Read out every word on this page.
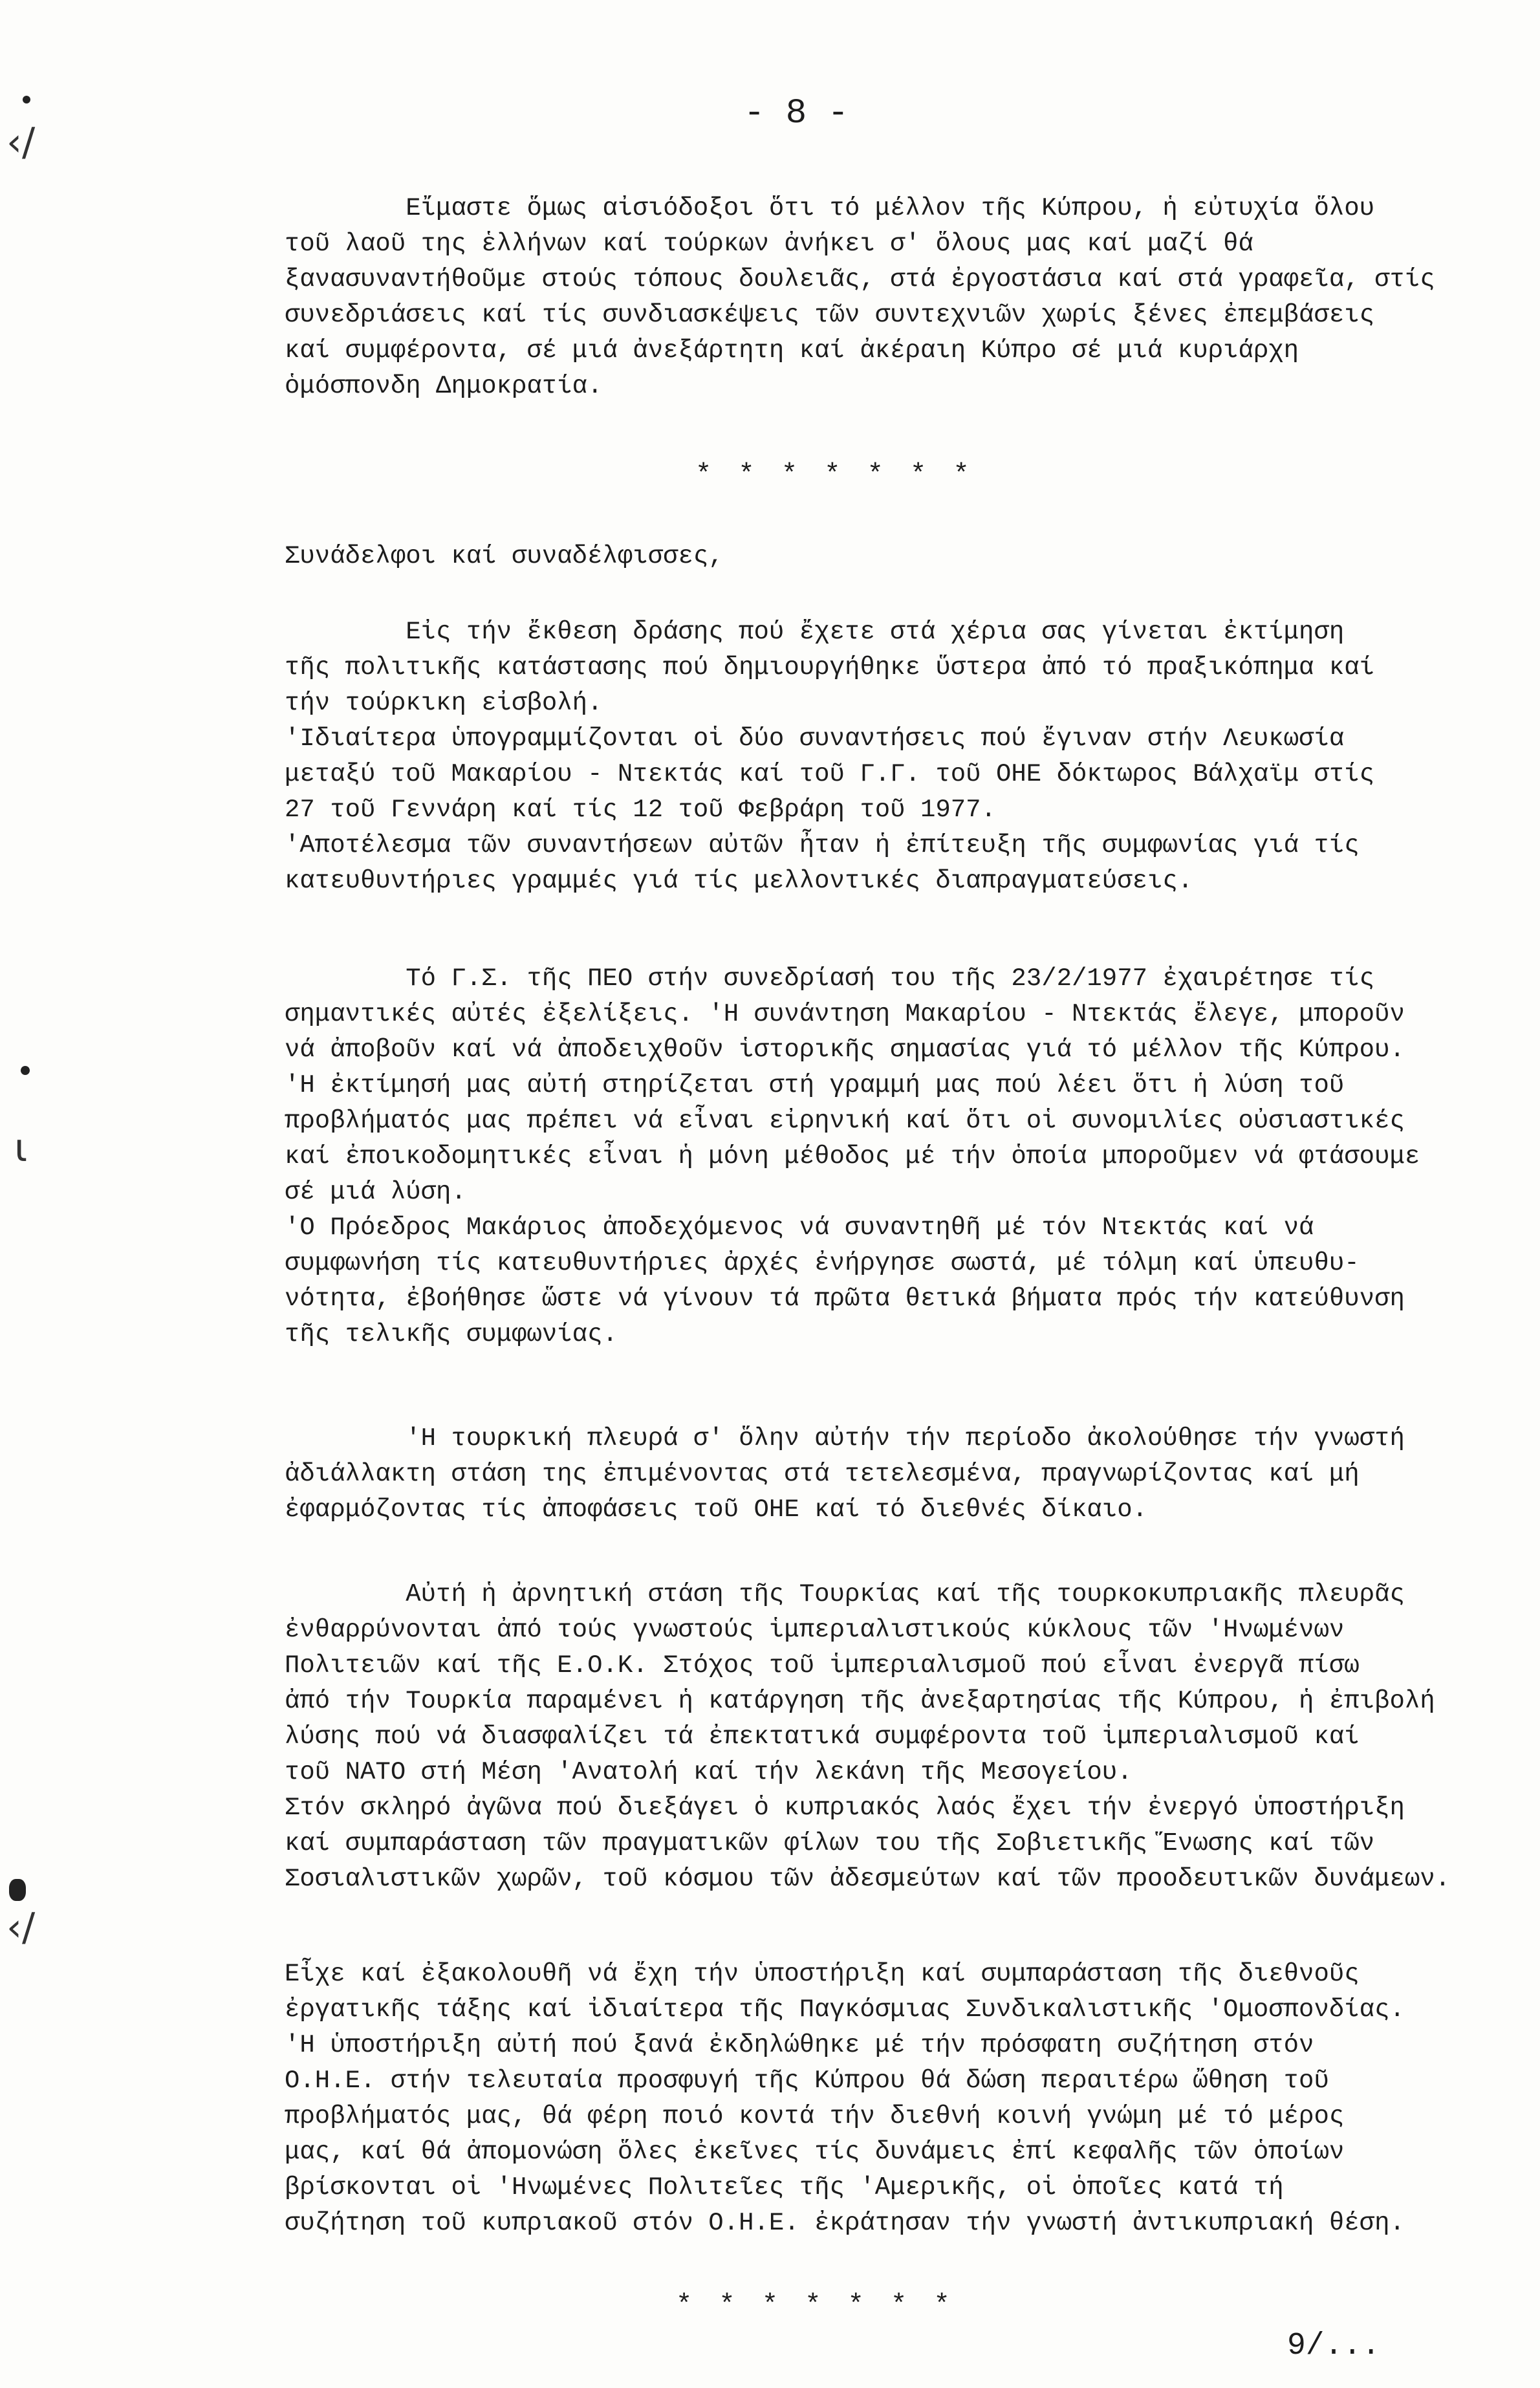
‹/
ɩ
‹/
- 8 -
Εἴμαστε ὅμως αἰσιόδοξοι ὅτι τό μέλλον τῆς Κύπρου, ἡ εὐτυχία ὅλου
τοῦ λαοῦ της ἑλλήνων καί τούρκων ἀνήκει σ' ὅλους μας καί μαζί θά
ξανασυναντήθοῦμε στούς τόπους δουλειᾶς, στά ἐργοστάσια καί στά γραφεῖα, στίς
συνεδριάσεις καί τίς συνδιασκέψεις τῶν συντεχνιῶν χωρίς ξένες ἐπεμβάσεις
καί συμφέροντα, σέ μιά ἀνεξάρτητη καί ἀκέραιη Κύπρο σέ μιά κυριάρχη
ὁμόσπονδη Δημοκρατία.
* * * * * * *
Συνάδελφοι καί συναδέλφισσες,
Εἰς τήν ἔκθεση δράσης πού ἔχετε στά χέρια σας γίνεται ἐκτίμηση
τῆς πολιτικῆς κατάστασης πού δημιουργήθηκε ὕστερα ἀπό τό πραξικόπημα καί
τήν τούρκικη εἰσβολή.
'Ιδιαίτερα ὑπογραμμίζονται οἱ δύο συναντήσεις πού ἔγιναν στήν Λευκωσία
μεταξύ τοῦ Μακαρίου - Ντεκτάς καί τοῦ Γ.Γ. τοῦ ΟΗΕ δόκτωρος Βάλχαϊμ στίς
27 τοῦ Γεννάρη καί τίς 12 τοῦ Φεβράρη τοῦ 1977.
'Αποτέλεσμα τῶν συναντήσεων αὐτῶν ἦταν ἡ ἐπίτευξη τῆς συμφωνίας γιά τίς
κατευθυντήριες γραμμές γιά τίς μελλοντικές διαπραγματεύσεις.
Τό Γ.Σ. τῆς ΠΕΟ στήν συνεδρίασή του τῆς 23/2/1977 ἐχαιρέτησε τίς
σημαντικές αὐτές ἐξελίξεις. 'Η συνάντηση Μακαρίου - Ντεκτάς ἔλεγε, μποροῦν
νά ἀποβοῦν καί νά ἀποδειχθοῦν ἱστορικῆς σημασίας γιά τό μέλλον τῆς Κύπρου.
'Η ἐκτίμησή μας αὐτή στηρίζεται στή γραμμή μας πού λέει ὅτι ἡ λύση τοῦ
προβλήματός μας πρέπει νά εἶναι εἰρηνική καί ὅτι οἱ συνομιλίες οὐσιαστικές
καί ἐποικοδομητικές εἶναι ἡ μόνη μέθοδος μέ τήν ὁποία μποροῦμεν νά φτάσουμε
σέ μιά λύση.
'Ο Πρόεδρος Μακάριος ἀποδεχόμενος νά συναντηθῆ μέ τόν Ντεκτάς καί νά
συμφωνήση τίς κατευθυντήριες ἀρχές ἐνήργησε σωστά, μέ τόλμη καί ὑπευθυ-
νότητα, ἐβοήθησε ὥστε νά γίνουν τά πρῶτα θετικά βήματα πρός τήν κατεύθυνση
τῆς τελικῆς συμφωνίας.
'Η τουρκική πλευρά σ' ὅλην αὐτήν τήν περίοδο ἀκολούθησε τήν γνωστή
ἀδιάλλακτη στάση της ἐπιμένοντας στά τετελεσμένα, πραγνωρίζοντας καί μή
ἐφαρμόζοντας τίς ἀποφάσεις τοῦ ΟΗΕ καί τό διεθνές δίκαιο.
Αὐτή ἡ ἀρνητική στάση τῆς Τουρκίας καί τῆς τουρκοκυπριακῆς πλευρᾶς
ἐνθαρρύνονται ἀπό τούς γνωστούς ἱμπεριαλιστικούς κύκλους τῶν 'Ηνωμένων
Πολιτειῶν καί τῆς Ε.Ο.Κ. Στόχος τοῦ ἱμπεριαλισμοῦ πού εἶναι ἐνεργᾶ πίσω
ἀπό τήν Τουρκία παραμένει ἡ κατάργηση τῆς ἀνεξαρτησίας τῆς Κύπρου, ἡ ἐπιβολή
λύσης πού νά διασφαλίζει τά ἐπεκτατικά συμφέροντα τοῦ ἱμπεριαλισμοῦ καί
τοῦ ΝΑΤΟ στή Μέση 'Ανατολή καί τήν λεκάνη τῆς Μεσογείου.
Στόν σκληρό ἀγῶνα πού διεξάγει ὁ κυπριακός λαός ἔχει τήν ἐνεργό ὑποστήριξη
καί συμπαράσταση τῶν πραγματικῶν φίλων του τῆς Σοβιετικῆς Ἕνωσης καί τῶν
Σοσιαλιστικῶν χωρῶν, τοῦ κόσμου τῶν ἀδεσμεύτων καί τῶν προοδευτικῶν δυνάμεων.
Εἶχε καί ἐξακολουθῆ νά ἔχη τήν ὑποστήριξη καί συμπαράσταση τῆς διεθνοῦς
ἐργατικῆς τάξης καί ἰδιαίτερα τῆς Παγκόσμιας Συνδικαλιστικῆς 'Ομοσπονδίας.
'Η ὑποστήριξη αὐτή πού ξανά ἐκδηλώθηκε μέ τήν πρόσφατη συζήτηση στόν
Ο.Η.Ε. στήν τελευταία προσφυγή τῆς Κύπρου θά δώση περαιτέρω ὤθηση τοῦ
προβλήματός μας, θά φέρη ποιό κοντά τήν διεθνή κοινή γνώμη μέ τό μέρος
μας, καί θά ἀπομονώση ὅλες ἐκεῖνες τίς δυνάμεις ἐπί κεφαλῆς τῶν ὁποίων
βρίσκονται οἱ 'Ηνωμένες Πολιτεῖες τῆς 'Αμερικῆς, οἱ ὁποῖες κατά τή
συζήτηση τοῦ κυπριακοῦ στόν Ο.Η.Ε. ἐκράτησαν τήν γνωστή ἀντικυπριακή θέση.
* * * * * * *
9/...
